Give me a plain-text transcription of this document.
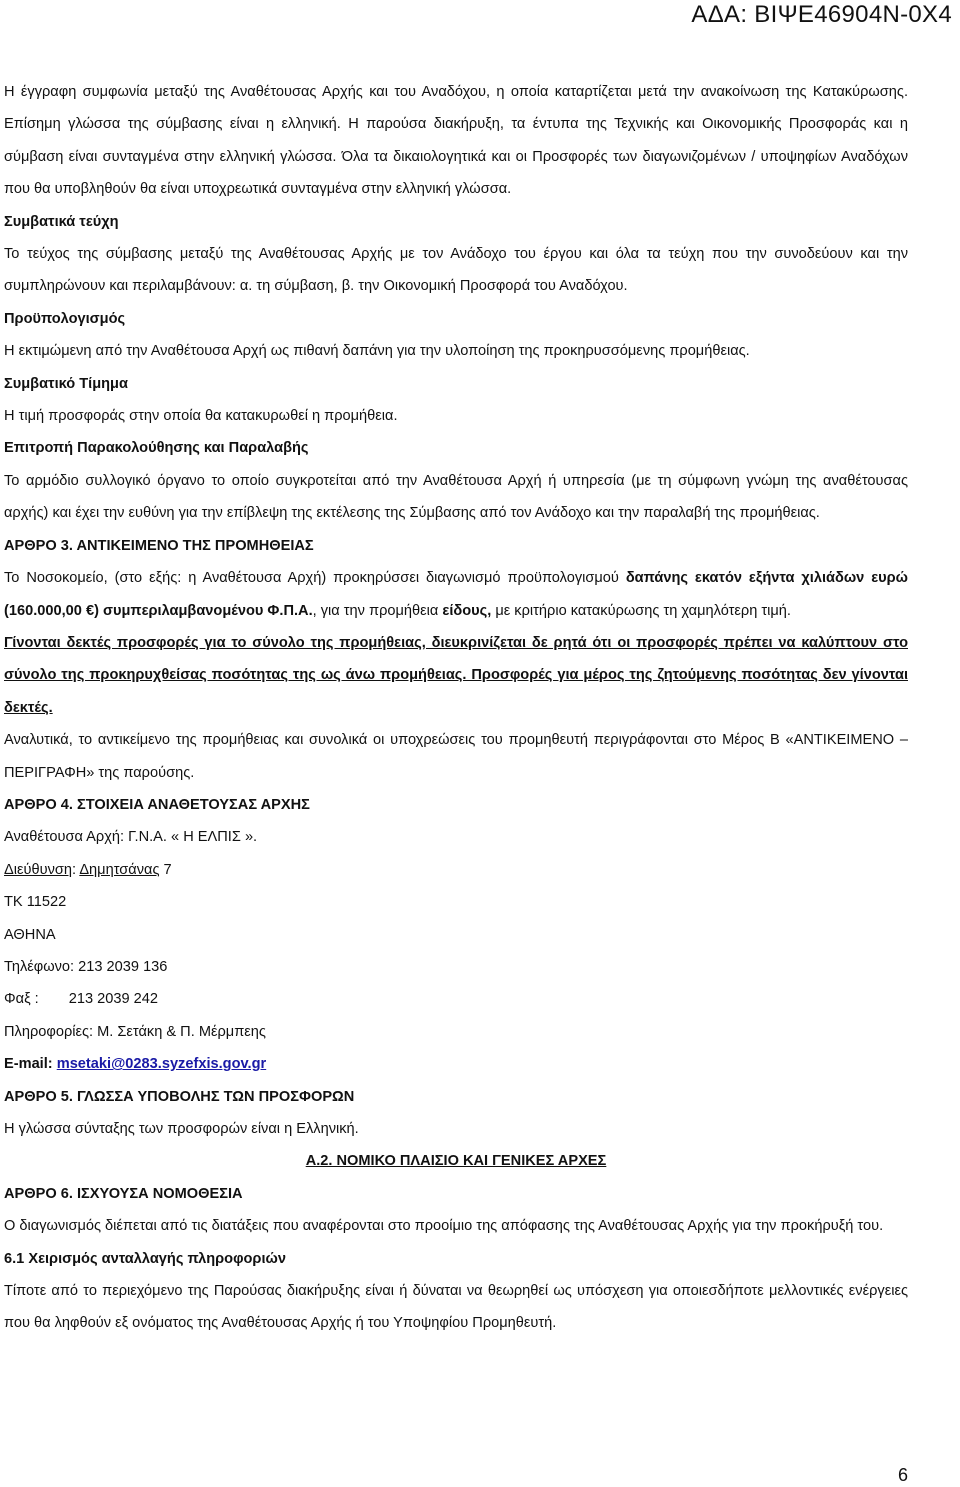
ΑΔΑ: ΒΙΨΕ46904Ν-0Χ4

Η έγγραφη συμφωνία μεταξύ της Αναθέτουσας Αρχής και του Αναδόχου, η οποία καταρτίζεται μετά την ανακοίνωση της Κατακύρωσης. Επίσημη γλώσσα της σύμβασης είναι η ελληνική. Η παρούσα διακήρυξη, τα έντυπα της Τεχνικής και Οικονομικής Προσφοράς και η σύμβαση είναι συνταγμένα στην ελληνική γλώσσα. Όλα τα δικαιολογητικά και οι Προσφορές των διαγωνιζομένων / υποψηφίων Αναδόχων που θα υποβληθούν θα είναι υποχρεωτικά συνταγμένα στην ελληνική γλώσσα.

Συμβατικά τεύχη

Το τεύχος της σύμβασης μεταξύ της Αναθέτουσας Αρχής με τον Ανάδοχο του έργου και όλα τα τεύχη που την συνοδεύουν και την συμπληρώνουν και περιλαμβάνουν: α. τη σύμβαση, β. την Οικονομική Προσφορά του Αναδόχου.

Προϋπολογισμός

Η εκτιμώμενη από την Αναθέτουσα Αρχή ως πιθανή δαπάνη για την υλοποίηση της προκηρυσσόμενης προμήθειας.

Συμβατικό Τίμημα

Η τιμή προσφοράς στην οποία θα κατακυρωθεί η προμήθεια.

Επιτροπή Παρακολούθησης και Παραλαβής

Το αρμόδιο συλλογικό όργανο το οποίο συγκροτείται από την Αναθέτουσα Αρχή ή υπηρεσία (με τη σύμφωνη γνώμη της αναθέτουσας αρχής) και έχει την ευθύνη για την επίβλεψη της εκτέλεσης της Σύμβασης από τον Ανάδοχο και την παραλαβή της προμήθειας.

ΑΡΘΡΟ 3. ΑΝΤΙΚΕΙΜΕΝΟ ΤΗΣ ΠΡΟΜΗΘΕΙΑΣ

Το Νοσοκομείο, (στο εξής: η Αναθέτουσα Αρχή) προκηρύσσει διαγωνισμό προϋπολογισμού δαπάνης εκατόν εξήντα χιλιάδων ευρώ (160.000,00 €) συμπεριλαμβανομένου Φ.Π.Α., για την προμήθεια είδους, με κριτήριο κατακύρωσης τη χαμηλότερη τιμή.

Γίνονται δεκτές προσφορές για το σύνολο της προμήθειας, διευκρινίζεται δε ρητά ότι οι προσφορές πρέπει να καλύπτουν στο σύνολο της προκηρυχθείσας ποσότητας της ως άνω προμήθειας. Προσφορές για μέρος της ζητούμενης ποσότητας δεν γίνονται δεκτές.

Αναλυτικά, το αντικείμενο της προμήθειας και συνολικά οι υποχρεώσεις του προμηθευτή περιγράφονται στο Μέρος Β «ΑΝΤΙΚΕΙΜΕΝΟ – ΠΕΡΙΓΡΑΦΗ» της παρούσης.

ΑΡΘΡΟ 4. ΣΤΟΙΧΕΙΑ ΑΝΑΘΕΤΟΥΣΑΣ ΑΡΧΗΣ

Αναθέτουσα Αρχή: Γ.Ν.Α. « Η ΕΛΠΙΣ ».

Διεύθυνση: Δημητσάνας 7

ΤΚ 11522

ΑΘΗΝΑ

Τηλέφωνο: 213 2039 136

Φαξ : 213 2039 242

Πληροφορίες: Μ. Σετάκη & Π. Μέρμπεης

E-mail: msetaki@0283.syzefxis.gov.gr

ΑΡΘΡΟ 5. ΓΛΩΣΣΑ ΥΠΟΒΟΛΗΣ ΤΩΝ ΠΡΟΣΦΟΡΩΝ

Η γλώσσα σύνταξης των προσφορών είναι η Ελληνική.

Α.2. ΝΟΜΙΚΟ ΠΛΑΙΣΙΟ ΚΑΙ ΓΕΝΙΚΕΣ ΑΡΧΕΣ

ΑΡΘΡΟ 6. ΙΣΧΥΟΥΣΑ ΝΟΜΟΘΕΣΙΑ

Ο διαγωνισμός διέπεται από τις διατάξεις που αναφέρονται στο προοίμιο της απόφασης της Αναθέτουσας Αρχής για την προκήρυξή του.

6.1 Χειρισμός ανταλλαγής πληροφοριών

Τίποτε από το περιεχόμενο της Παρούσας διακήρυξης είναι ή δύναται να θεωρηθεί ως υπόσχεση για οποιεσδήποτε μελλοντικές ενέργειες που θα ληφθούν εξ ονόματος της Αναθέτουσας Αρχής ή του Υποψηφίου Προμηθευτή.

6
